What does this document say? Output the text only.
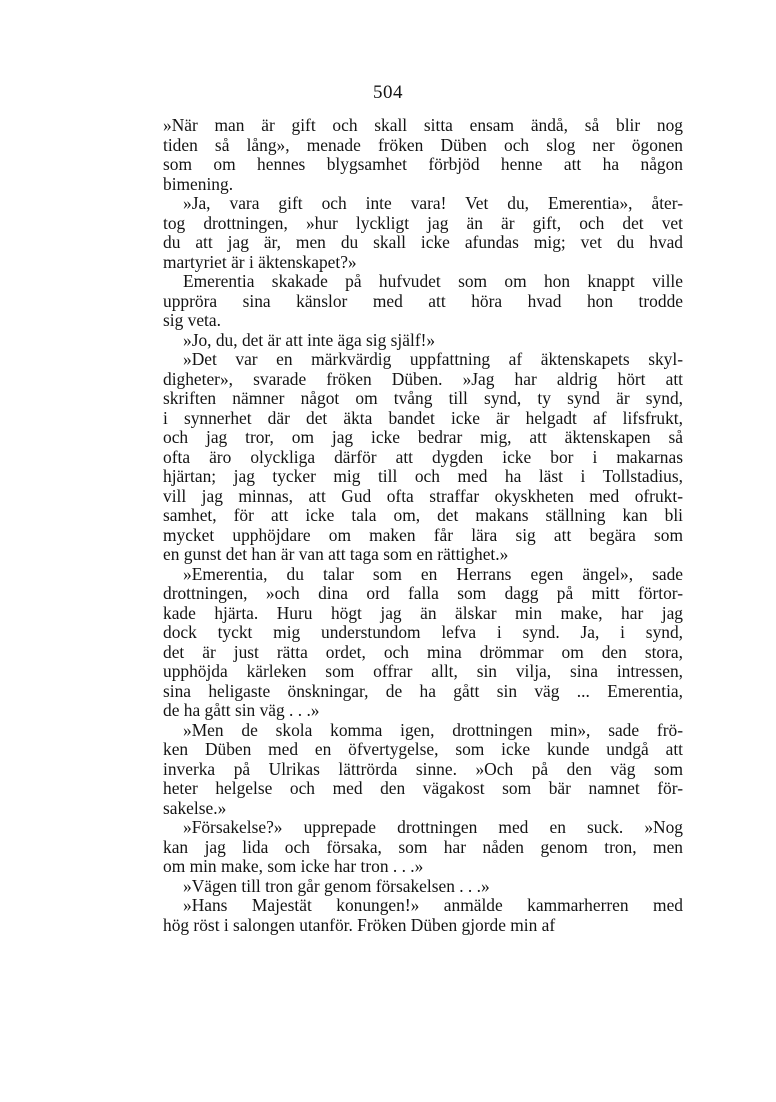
504
»När man är gift och skall sitta ensam ändå, så blir nog
tiden så lång», menade fröken Düben och slog ner ögonen
som om hennes blygsamhet förbjöd henne att ha någon
bimening.
»Ja, vara gift och inte vara! Vet du, Emerentia», åter-
tog drottningen, »hur lyckligt jag än är gift, och det vet
du att jag är, men du skall icke afundas mig; vet du hvad
martyriet är i äktenskapet?»
Emerentia skakade på hufvudet som om hon knappt ville
uppröra sina känslor med att höra hvad hon trodde
sig veta.
»Jo, du, det är att inte äga sig själf!»
»Det var en märkvärdig uppfattning af äktenskapets skyl-
digheter», svarade fröken Düben. »Jag har aldrig hört att
skriften nämner något om tvång till synd, ty synd är synd,
i synnerhet där det äkta bandet icke är helgadt af lifsfrukt,
och jag tror, om jag icke bedrar mig, att äktenskapen så
ofta äro olyckliga därför att dygden icke bor i makarnas
hjärtan; jag tycker mig till och med ha läst i Tollstadius,
vill jag minnas, att Gud ofta straffar okyskheten med ofrukt-
samhet, för att icke tala om, det makans ställning kan bli
mycket upphöjdare om maken får lära sig att begära som
en gunst det han är van att taga som en rättighet.»
»Emerentia, du talar som en Herrans egen ängel», sade
drottningen, »och dina ord falla som dagg på mitt förtor-
kade hjärta. Huru högt jag än älskar min make, har jag
dock tyckt mig understundom lefva i synd. Ja, i synd,
det är just rätta ordet, och mina drömmar om den stora,
upphöjda kärleken som offrar allt, sin vilja, sina intressen,
sina heligaste önskningar, de ha gått sin väg ... Emerentia,
de ha gått sin väg . . .»
»Men de skola komma igen, drottningen min», sade frö-
ken Düben med en öfvertygelse, som icke kunde undgå att
inverka på Ulrikas lättrörda sinne. »Och på den väg som
heter helgelse och med den vägakost som bär namnet för-
sakelse.»
»Försakelse?» upprepade drottningen med en suck. »Nog
kan jag lida och försaka, som har nåden genom tron, men
om min make, som icke har tron . . .»
»Vägen till tron går genom försakelsen . . .»
»Hans Majestät konungen!» anmälde kammarherren med
hög röst i salongen utanför. Fröken Düben gjorde min af
